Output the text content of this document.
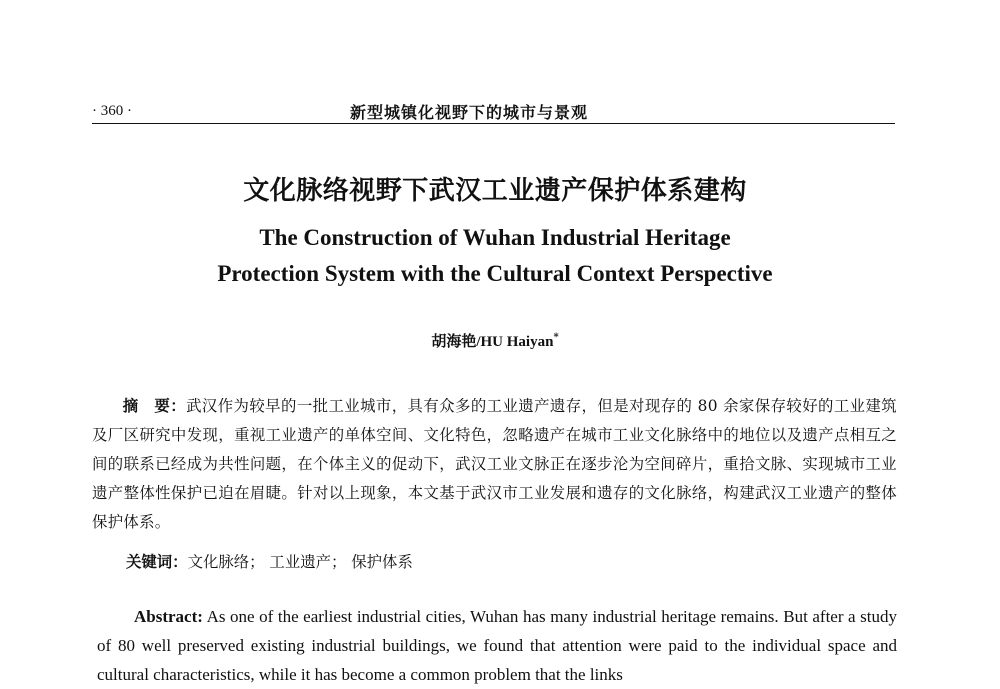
· 360 ·	新型城镇化视野下的城市与景观
文化脉络视野下武汉工业遗产保护体系建构
The Construction of Wuhan Industrial Heritage
Protection System with the Cultural Context Perspective
胡海艳/HU Haiyan*
摘　要：武汉作为较早的一批工业城市，具有众多的工业遗产遗存，但是对现存的 80 余家保存较好的工业建筑及厂区研究中发现，重视工业遗产的单体空间、文化特色，忽略遗产在城市工业文化脉络中的地位以及遗产点相互之间的联系已经成为共性问题，在个体主义的促动下，武汉工业文脉正在逐步沦为空间碎片，重拾文脉、实现城市工业遗产整体性保护已迫在眉睫。针对以上现象，本文基于武汉市工业发展和遗存的文化脉络，构建武汉工业遗产的整体保护体系。
关键词：文化脉络； 工业遗产； 保护体系
Abstract: As one of the earliest industrial cities, Wuhan has many industrial heritage remains. But after a study of 80 well preserved existing industrial buildings, we found that attention were paid to the individual space and cultural characteristics, while it has become a common problem that the links
